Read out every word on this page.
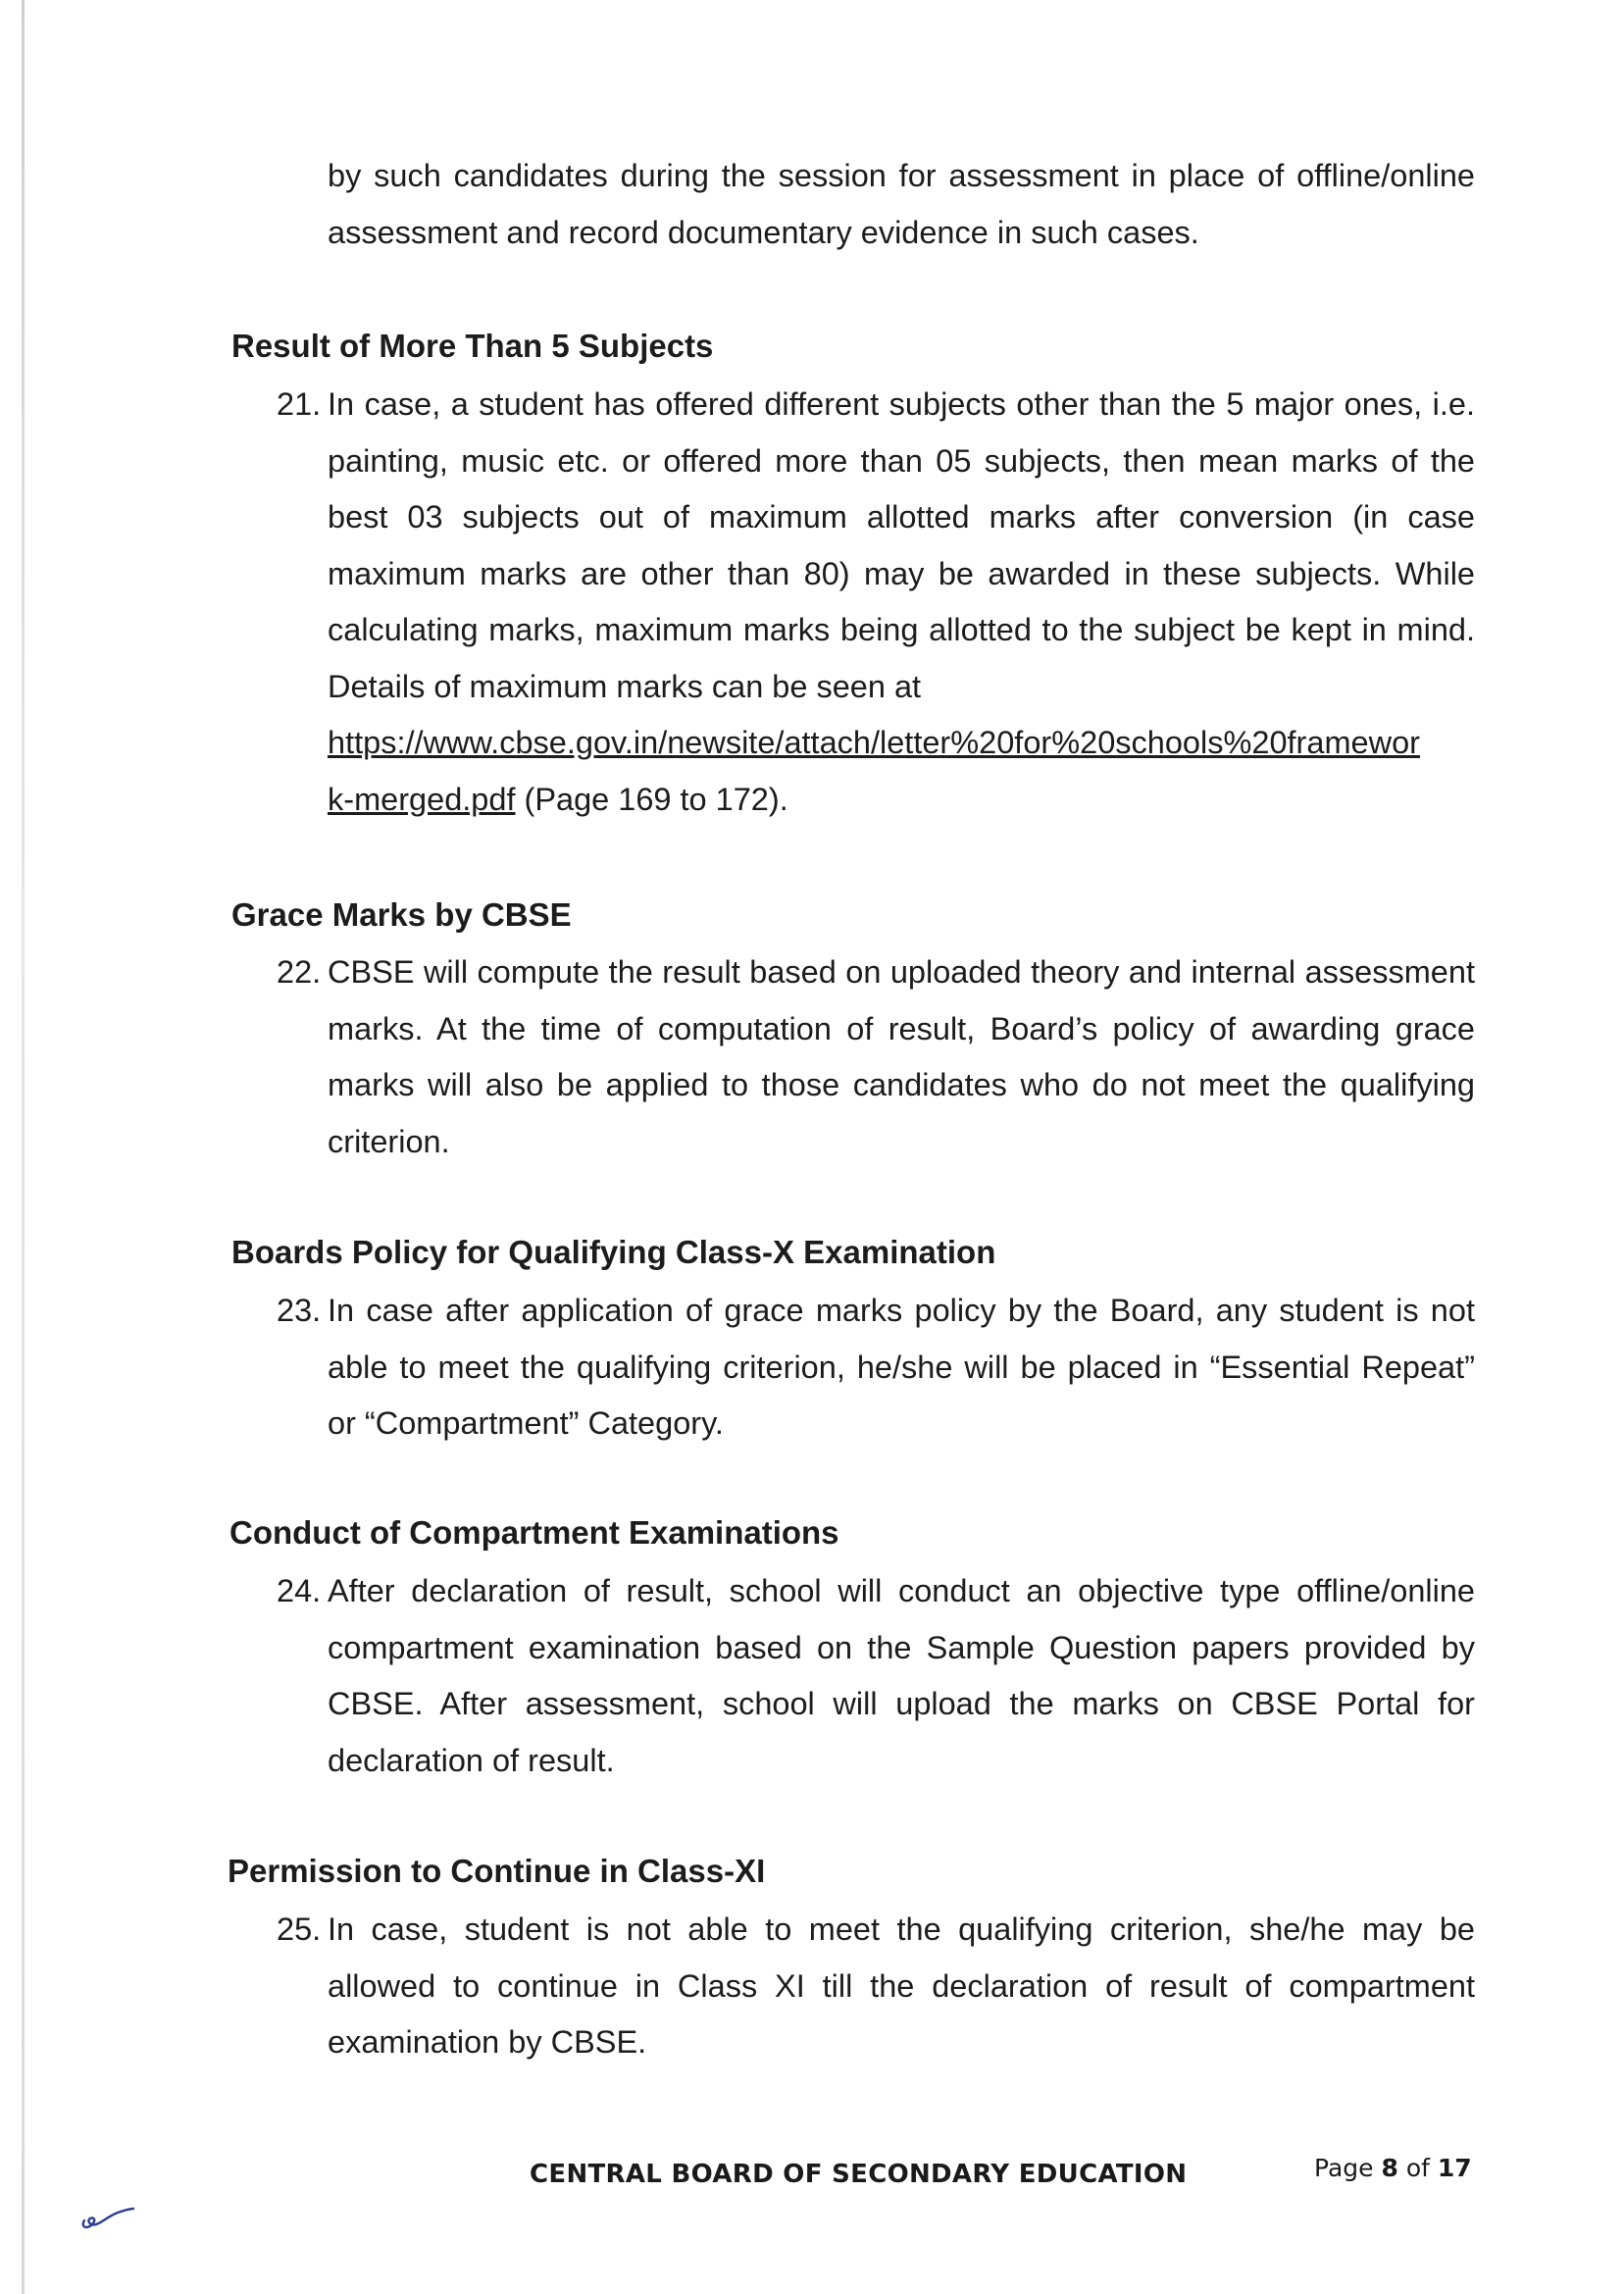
by such candidates during the session for assessment in place of offline/online assessment and record documentary evidence in such cases.

Result of More Than 5 Subjects
21. In case, a student has offered different subjects other than the 5 major ones, i.e. painting, music etc. or offered more than 05 subjects, then mean marks of the best 03 subjects out of maximum allotted marks after conversion (in case maximum marks are other than 80) may be awarded in these subjects. While calculating marks, maximum marks being allotted to the subject be kept in mind. Details of maximum marks can be seen at
https://www.cbse.gov.in/newsite/attach/letter%20for%20schools%20framewor
k-merged.pdf (Page 169 to 172).
Grace Marks by CBSE
22. CBSE will compute the result based on uploaded theory and internal assessment marks. At the time of computation of result, Board’s policy of awarding grace marks will also be applied to those candidates who do not meet the qualifying criterion.
Boards Policy for Qualifying Class-X Examination
23. In case after application of grace marks policy by the Board, any student is not able to meet the qualifying criterion, he/she will be placed in “Essential Repeat” or “Compartment” Category.
Conduct of Compartment Examinations
24. After declaration of result, school will conduct an objective type offline/online compartment examination based on the Sample Question papers provided by CBSE. After assessment, school will upload the marks on CBSE Portal for declaration of result.
Permission to Continue in Class-XI
25. In case, student is not able to meet the qualifying criterion, she/he may be allowed to continue in Class XI till the declaration of result of compartment examination by CBSE.
CENTRAL BOARD OF SECONDARY EDUCATION	Page 8 of 17
